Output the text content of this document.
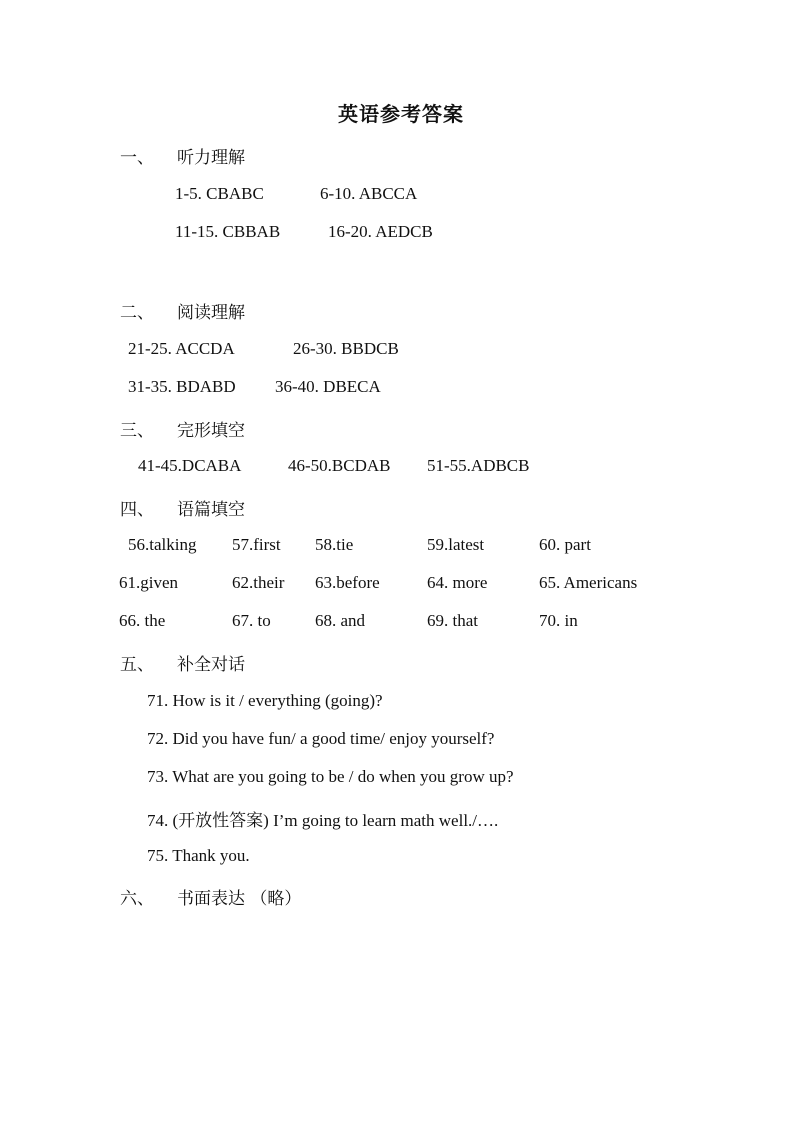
英语参考答案
一、 听力理解
1-5. CBABC	6-10. ABCCA
11-15. CBBAB	16-20. AEDCB
二、 阅读理解
21-25. ACCDA	26-30. BBDCB
31-35. BDABD 36-40. DBECA
三、 完形填空
41-45.DCABA	46-50.BCDAB 51-55.ADBCB
四、 语篇填空
56.talking 57.first 58.tie	59.latest	60. part
61.given	62.their 63.before	64. more	65. Americans
66. the	67. to	68. and	69. that	70. in
五、 补全对话
71. How is it / everything (going)?
72. Did you have fun/ a good time/ enjoy yourself?
73. What are you going to be / do when you grow up?
74. (开放性答案) I’m going to learn math well./….
75. Thank you.
六、 书面表达 （略）
